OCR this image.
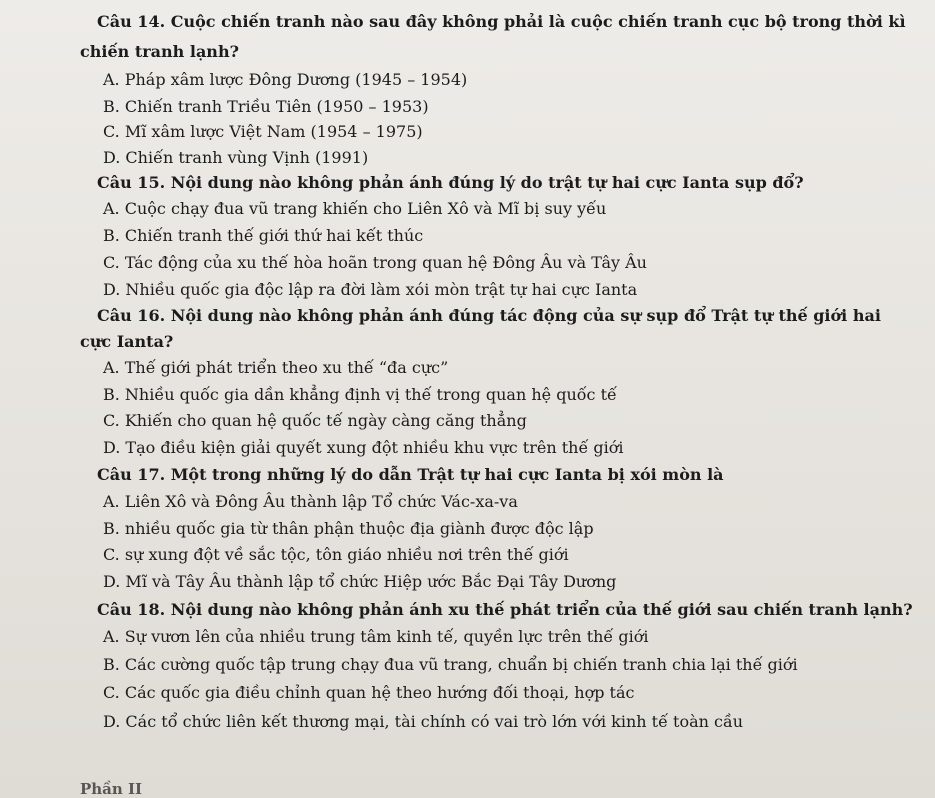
Câu 14. Cuộc chiến tranh nào sau đây không phải là cuộc chiến tranh cục bộ trong thời kì
chiến tranh lạnh?
A. Pháp xâm lược Đông Dương (1945 – 1954)
B. Chiến tranh Triều Tiên (1950 – 1953)
C. Mĩ xâm lược Việt Nam (1954 – 1975)
D. Chiến tranh vùng Vịnh (1991)
Câu 15. Nội dung nào không phản ánh đúng lý do trật tự hai cực Ianta sụp đổ?
A. Cuộc chạy đua vũ trang khiến cho Liên Xô và Mĩ bị suy yếu
B. Chiến tranh thế giới thứ hai kết thúc
C. Tác động của xu thế hòa hoãn trong quan hệ Đông Âu và Tây Âu
D. Nhiều quốc gia độc lập ra đời làm xói mòn trật tự hai cực Ianta
Câu 16. Nội dung nào không phản ánh đúng tác động của sự sụp đổ Trật tự thế giới hai
cực Ianta?
A. Thế giới phát triển theo xu thế “đa cực”
B. Nhiều quốc gia dần khẳng định vị thế trong quan hệ quốc tế
C. Khiến cho quan hệ quốc tế ngày càng căng thẳng
D. Tạo điều kiện giải quyết xung đột nhiều khu vực trên thế giới
Câu 17. Một trong những lý do dẫn Trật tự hai cực Ianta bị xói mòn là
A. Liên Xô và Đông Âu thành lập Tổ chức Vác-xa-va
B. nhiều quốc gia từ thân phận thuộc địa giành được độc lập
C. sự xung đột về sắc tộc, tôn giáo nhiều nơi trên thế giới
D. Mĩ và Tây Âu thành lập tổ chức Hiệp ước Bắc Đại Tây Dương
Câu 18. Nội dung nào không phản ánh xu thế phát triển của thế giới sau chiến tranh lạnh?
A. Sự vươn lên của nhiều trung tâm kinh tế, quyền lực trên thế giới
B. Các cường quốc tập trung chạy đua vũ trang, chuẩn bị chiến tranh chia lại thế giới
C. Các quốc gia điều chỉnh quan hệ theo hướng đối thoại, hợp tác
D. Các tổ chức liên kết thương mại, tài chính có vai trò lớn với kinh tế toàn cầu
Phần II
